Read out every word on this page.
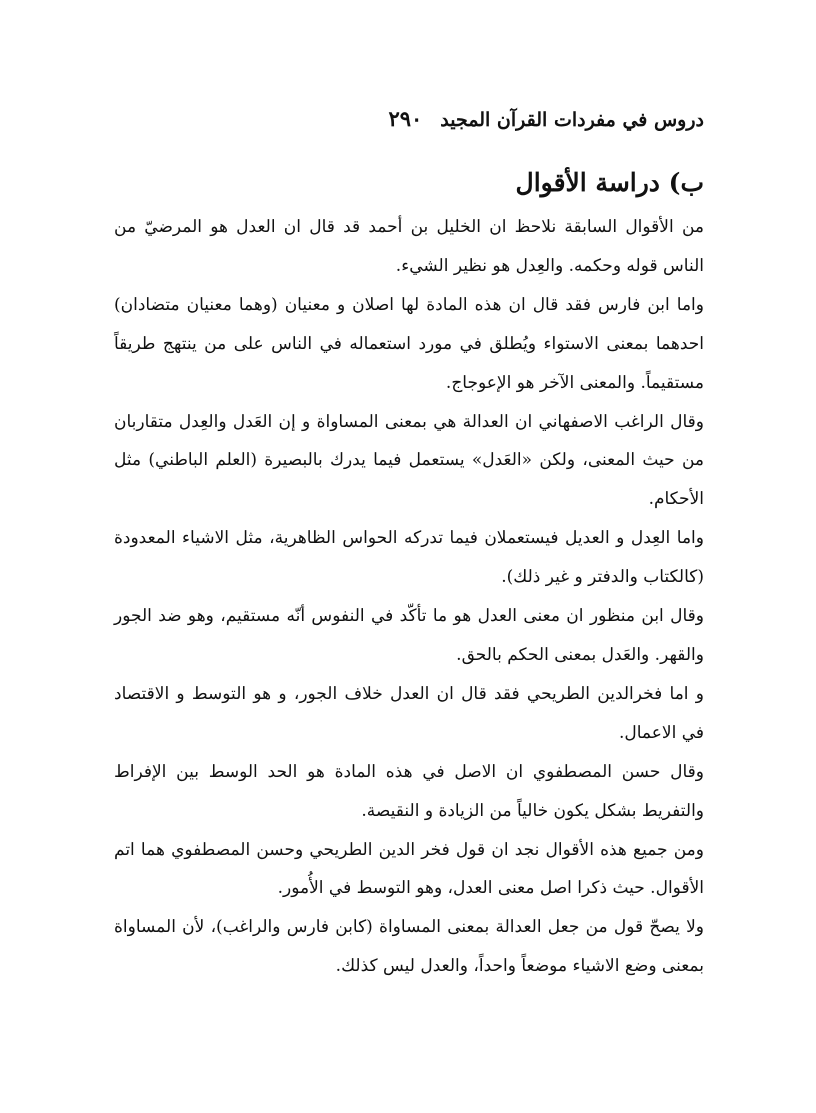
دروس في مفردات القرآن المجيد
٢٩٠
ب) دراسة الأقوال

من الأقوال السابقة نلاحظ ان الخليل بن أحمد قد قال ان العدل هو المرضيّ من الناس قوله وحكمه. والعِدل هو نظير الشيء.

واما ابن فارس فقد قال ان هذه المادة لها اصلان و معنيان (وهما معنيان متضادان) احدهما بمعنى الاستواء ويُطلق في مورد استعماله في الناس على من ينتهج طريقاً مستقيماً. والمعنى الآخر هو الإعوجاج.

وقال الراغب الاصفهاني ان العدالة هي بمعنى المساواة و إن العَدل والعِدل متقاربان من حيث المعنى، ولكن «العَدل» يستعمل فيما يدرك بالبصيرة (العلم الباطني) مثل الأحكام.

واما العِدل و العديل فيستعملان فيما تدركه الحواس الظاهرية، مثل الاشياء المعدودة (كالكتاب والدفتر و غير ذلك).

وقال ابن منظور ان معنى العدل هو ما تأكّد في النفوس أنّه مستقيم، وهو ضد الجور والقهر. والعَدل بمعنى الحكم بالحق.

و اما فخرالدين الطريحي فقد قال ان العدل خلاف الجور، و هو التوسط و الاقتصاد في الاعمال.

وقال حسن المصطفوي ان الاصل في هذه المادة هو الحد الوسط بين الإفراط والتفريط بشكل يكون خالياً من الزيادة و النقيصة.

ومن جميع هذه الأقوال نجد ان قول فخر الدين الطريحي وحسن المصطفوي هما اتم الأقوال. حيث ذكرا اصل معنى العدل، وهو التوسط في الأُمور.

ولا يصحّ قول من جعل العدالة بمعنى المساواة (كابن فارس والراغب)، لأن المساواة بمعنى وضع الاشياء موضعاً واحداً، والعدل ليس كذلك.
